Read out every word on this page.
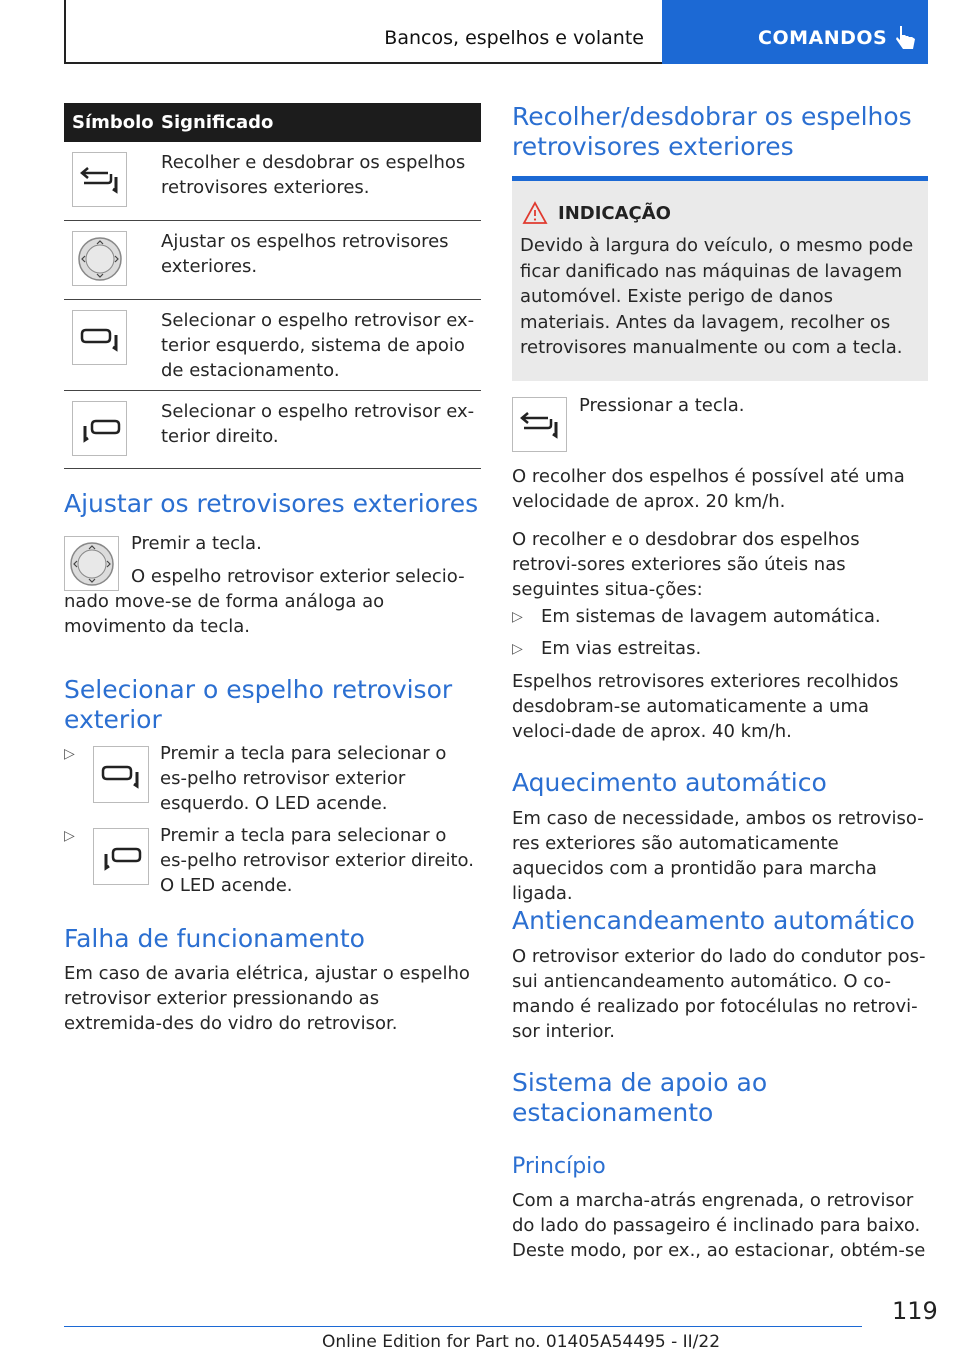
Bancos, espelhos e volante	COMANDOS
Símbolo Significado
Recolher e desdobrar os espelhos retrovisores exteriores.
Ajustar os espelhos retrovisores exteriores.
Selecionar o espelho retrovisor ex-terior esquerdo, sistema de apoio de estacionamento.
Selecionar o espelho retrovisor ex-terior direito.
Ajustar os retrovisores exteriores

Premir a tecla.

O espelho retrovisor exterior selecio-nado move-se de forma análoga ao movimento da tecla.

Selecionar o espelho retrovisor exterior
▷	Premir a tecla para selecionar o es-pelho retrovisor exterior esquerdo. O LED acende.

▷	Premir a tecla para selecionar o es-pelho retrovisor exterior direito. O LED acende.

Falha de funcionamento

Em caso de avaria elétrica, ajustar o espelho retrovisor exterior pressionando as extremida-des do vidro do retrovisor.

Recolher/desdobrar os espelhos retrovisores exteriores
INDICAÇÃO
Devido à largura do veículo, o mesmo pode ficar danificado nas máquinas de lavagem automóvel. Existe perigo de danos materiais. Antes da lavagem, recolher os retrovisores manualmente ou com a tecla.

Pressionar a tecla.

O recolher dos espelhos é possível até uma velocidade de aprox. 20 km/h.

O recolher e o desdobrar dos espelhos retrovi-sores exteriores são úteis nas seguintes situa-ções:

▷ Em sistemas de lavagem automática.

▷ Em vias estreitas.

Espelhos retrovisores exteriores recolhidos desdobram-se automaticamente a uma veloci-dade de aprox. 40 km/h.

Aquecimento automático

Em caso de necessidade, ambos os retroviso-res exteriores são automaticamente aquecidos com a prontidão para marcha ligada.

Antiencandeamento automático

O retrovisor exterior do lado do condutor pos-sui antiencandeamento automático. O co-mando é realizado por fotocélulas no retrovi-sor interior.

Sistema de apoio ao estacionamento
Princípio

Com a marcha-atrás engrenada, o retrovisor do lado do passageiro é inclinado para baixo. Deste modo, por ex., ao estacionar, obtém-se

119
Online Edition for Part no. 01405A54495 - II/22
